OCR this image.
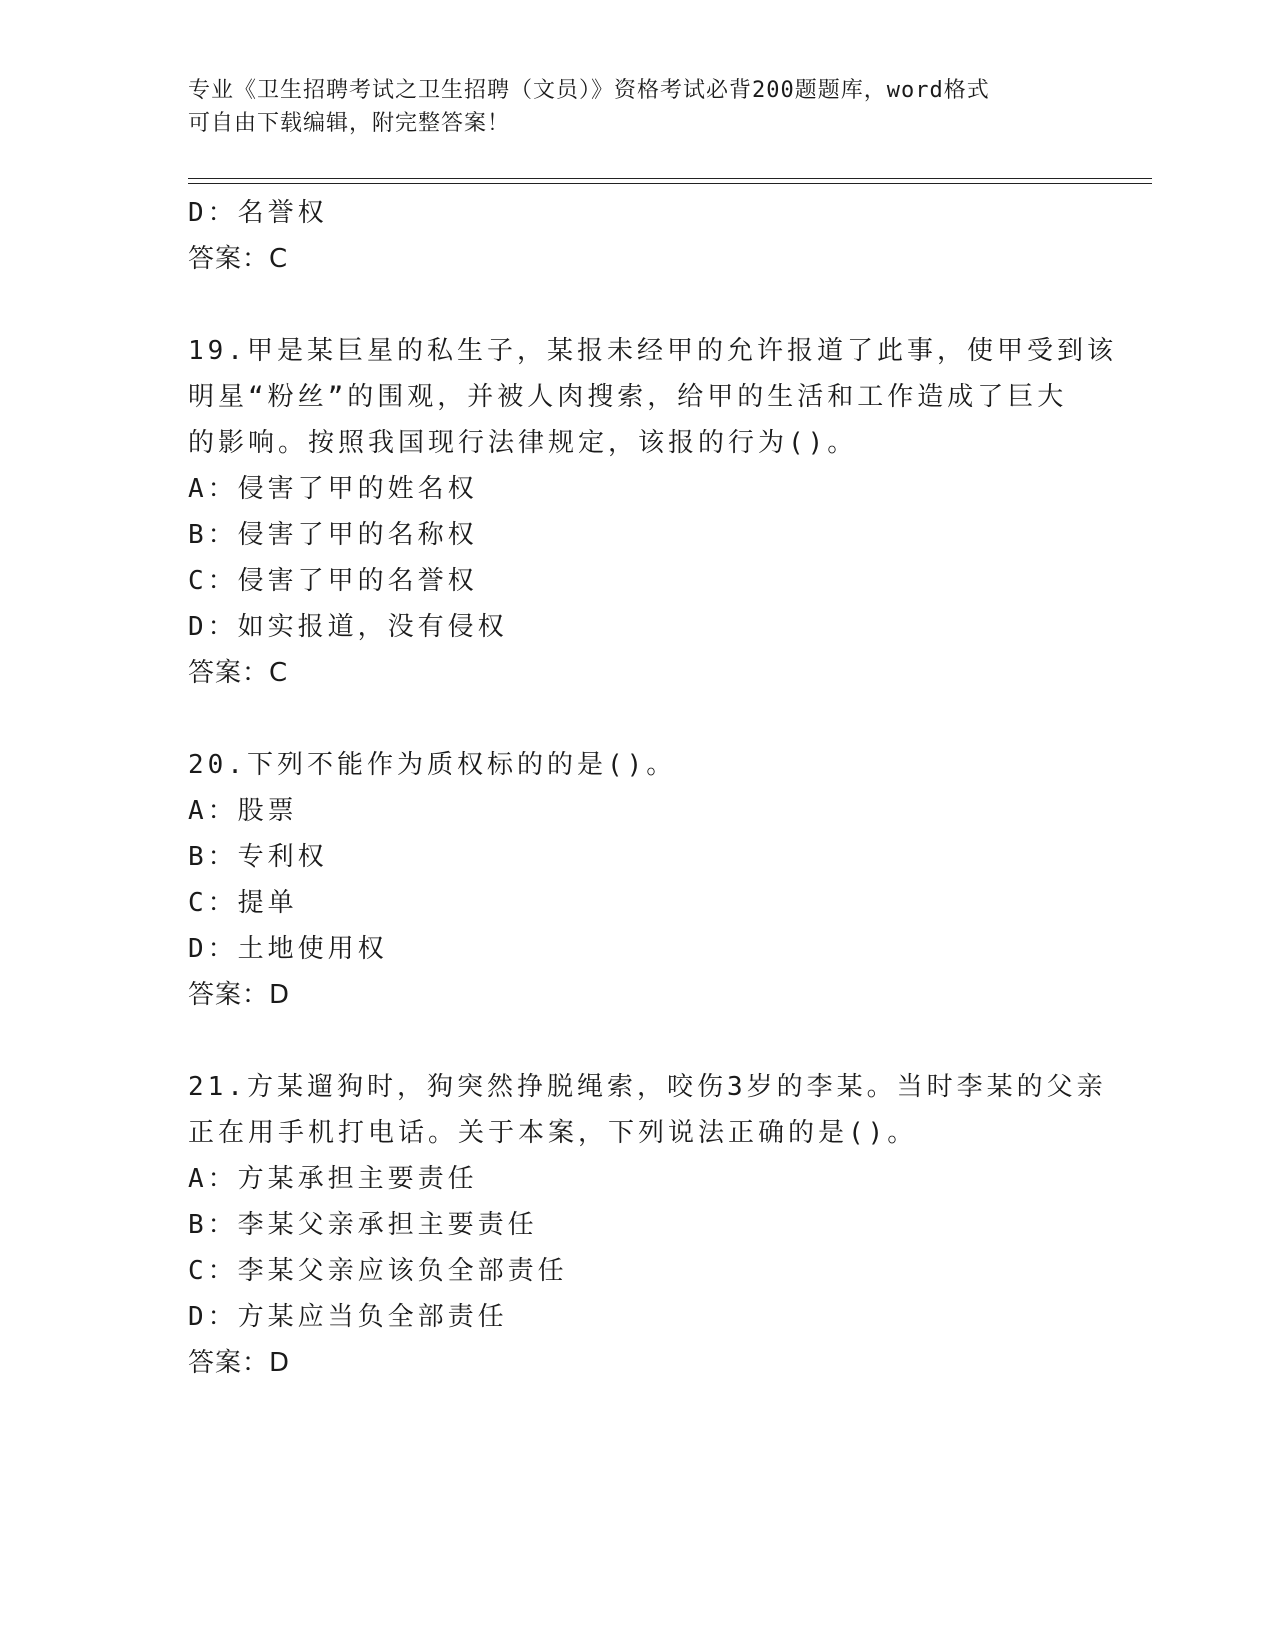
专业《卫生招聘考试之卫生招聘（文员）》资格考试必背200题题库，word格式
可自由下载编辑，附完整答案！
D：名誉权
答案：C
19.甲是某巨星的私生子，某报未经甲的允许报道了此事，使甲受到该
明星“粉丝”的围观，并被人肉搜索，给甲的生活和工作造成了巨大
的影响。按照我国现行法律规定，该报的行为()。
A：侵害了甲的姓名权
B：侵害了甲的名称权
C：侵害了甲的名誉权
D：如实报道，没有侵权
答案：C
20.下列不能作为质权标的的是()。
A：股票
B：专利权
C：提单
D：土地使用权
答案：D
21.方某遛狗时，狗突然挣脱绳索，咬伤3岁的李某。当时李某的父亲
正在用手机打电话。关于本案，下列说法正确的是()。
A：方某承担主要责任
B：李某父亲承担主要责任
C：李某父亲应该负全部责任
D：方某应当负全部责任
答案：D
